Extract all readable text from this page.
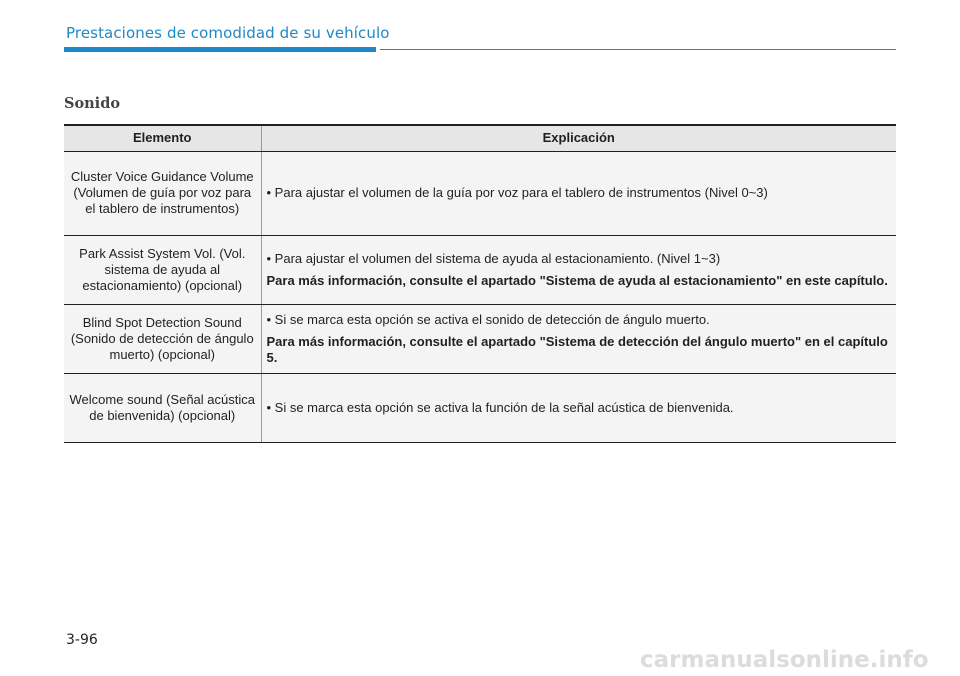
Prestaciones de comodidad de su vehículo
Sonido
Elemento	Explicación
Cluster Voice Guidance Volume (Volumen de guía por voz para el tablero de instrumentos)	• Para ajustar el volumen de la guía por voz para el tablero de instrumentos (Nivel 0~3)

Park Assist System Vol. (Vol. sistema de ayuda al estacionamiento) (opcional)	• Para ajustar el volumen del sistema de ayuda al estacionamiento. (Nivel 1~3)
Para más información, consulte el apartado "Sistema de ayuda al estacionamiento" en este capítulo.

Blind Spot Detection Sound (Sonido de detección de ángulo muerto) (opcional)	• Si se marca esta opción se activa el sonido de detección de ángulo muerto.
Para más información, consulte el apartado "Sistema de detección del ángulo muerto" en el capítulo 5.

Welcome sound (Señal acústica de bienvenida) (opcional)	• Si se marca esta opción se activa la función de la señal acústica de bienvenida.
3-96
carmanualsonline.info
